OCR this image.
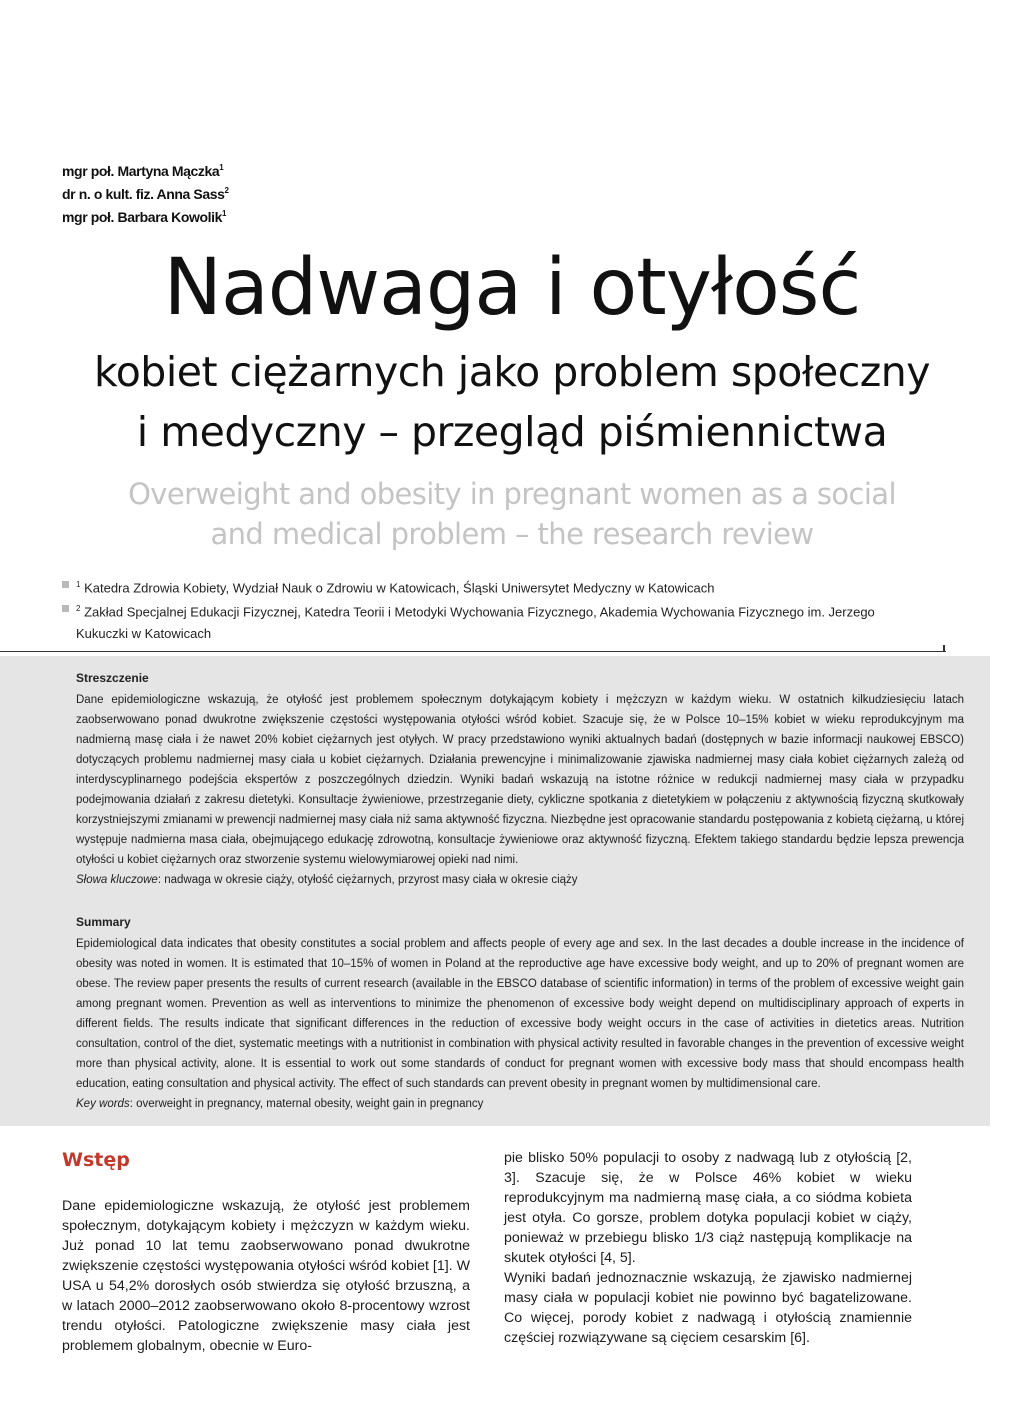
mgr poł. Martyna Mączka$^1$
dr n. o kult. fiz. Anna Sass$^2$
mgr poł. Barbara Kowolik$^1$
Nadwaga i otyłość
kobiet ciężarnych jako problem społeczny
i medyczny – przegląd piśmiennictwa
Overweight and obesity in pregnant women as a social
and medical problem – the research review
$^1$ Katedra Zdrowia Kobiety, Wydział Nauk o Zdrowiu w Katowicach, Śląski Uniwersytet Medyczny w Katowicach
$^2$ Zakład Specjalnej Edukacji Fizycznej, Katedra Teorii i Metodyki Wychowania Fizycznego, Akademia Wychowania Fizycznego im. Jerzego Kukuczki w Katowicach
Streszczenie

Dane epidemiologiczne wskazują, że otyłość jest problemem społecznym dotykającym kobiety i mężczyzn w każdym wieku. W ostatnich kilkudziesięciu latach zaobserwowano ponad dwukrotne zwiększenie częstości występowania otyłości wśród kobiet. Szacuje się, że w Polsce 10–15% kobiet w wieku reprodukcyjnym ma nadmierną masę ciała i że nawet 20% kobiet ciężarnych jest otyłych. W pracy przedstawiono wyniki aktualnych badań (dostępnych w bazie informacji naukowej EBSCO) dotyczących problemu nadmiernej masy ciała u kobiet ciężarnych. Działania prewencyjne i minimalizowanie zjawiska nadmiernej masy ciała kobiet ciężarnych zależą od interdyscyplinarnego podejścia ekspertów z poszczególnych dziedzin. Wyniki badań wskazują na istotne różnice w redukcji nadmiernej masy ciała w przypadku podejmowania działań z zakresu dietetyki. Konsultacje żywieniowe, przestrzeganie diety, cykliczne spotkania z dietetykiem w połączeniu z aktywnością fizyczną skutkowały korzystniejszymi zmianami w prewencji nadmiernej masy ciała niż sama aktywność fizyczna. Niezbędne jest opracowanie standardu postępowania z kobietą ciężarną, u której występuje nadmierna masa ciała, obejmującego edukację zdrowotną, konsultacje żywieniowe oraz aktywność fizyczną. Efektem takiego standardu będzie lepsza prewencja otyłości u kobiet ciężarnych oraz stworzenie systemu wielowymiarowej opieki nad nimi.

Słowa kluczowe: nadwaga w okresie ciąży, otyłość ciężarnych, przyrost masy ciała w okresie ciąży
Summary

Epidemiological data indicates that obesity constitutes a social problem and affects people of every age and sex. In the last decades a double increase in the incidence of obesity was noted in women. It is estimated that 10–15% of women in Poland at the reproductive age have excessive body weight, and up to 20% of pregnant women are obese. The review paper presents the results of current research (available in the EBSCO database of scientific information) in terms of the problem of excessive weight gain among pregnant women. Prevention as well as interventions to minimize the phenomenon of excessive body weight depend on multidisciplinary approach of experts in different fields. The results indicate that significant differences in the reduction of excessive body weight occurs in the case of activities in dietetics areas. Nutrition consultation, control of the diet, systematic meetings with a nutritionist in combination with physical activity resulted in favorable changes in the prevention of excessive weight more than physical activity, alone. It is essential to work out some standards of conduct for pregnant women with excessive body mass that should encompass health education, eating consultation and physical activity. The effect of such standards can prevent obesity in pregnant women by multidimensional care.

Key words: overweight in pregnancy, maternal obesity, weight gain in pregnancy
Wstęp

Dane epidemiologiczne wskazują, że otyłość jest problemem społecznym, dotykającym kobiety i mężczyzn w każdym wieku. Już ponad 10 lat temu zaobserwowano ponad dwukrotne zwiększenie częstości występowania otyłości wśród kobiet [1]. W USA u 54,2% dorosłych osób stwierdza się otyłość brzuszną, a w latach 2000–2012 zaobserwowano około 8-procentowy wzrost trendu otyłości. Patologiczne zwiększenie masy ciała jest problemem globalnym, obecnie w Euro-

pie blisko 50% populacji to osoby z nadwagą lub z otyłością [2, 3]. Szacuje się, że w Polsce 46% kobiet w wieku reprodukcyjnym ma nadmierną masę ciała, a co siódma kobieta jest otyła. Co gorsze, problem dotyka populacji kobiet w ciąży, ponieważ w przebiegu blisko 1/3 ciąż następują komplikacje na skutek otyłości [4, 5].

Wyniki badań jednoznacznie wskazują, że zjawisko nadmiernej masy ciała w populacji kobiet nie powinno być bagatelizowane. Co więcej, porody kobiet z nadwagą i otyłością znamiennie częściej rozwiązywane są cięciem cesarskim [6].
